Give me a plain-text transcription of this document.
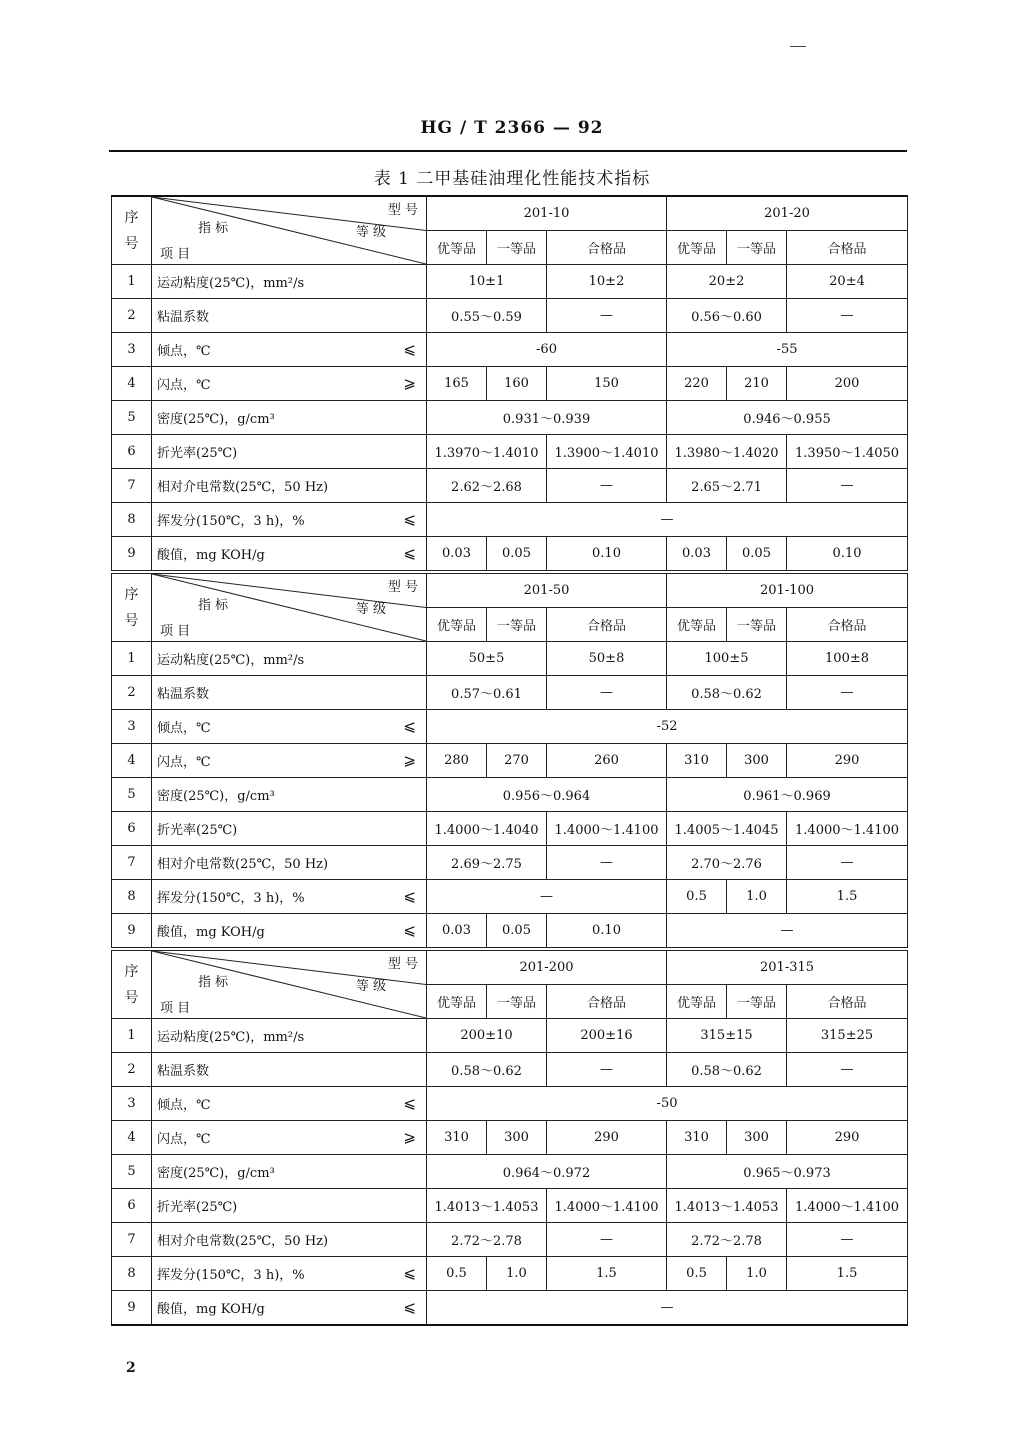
HG / T 2366 — 92
表 1 二甲基硅油理化性能技术指标
序
号	型 号
指 标 等 级
项 目	201-10			201-20		
		优等品	一等品	合格品	优等品	一等品	合格品
1	运动粘度(25℃)，mm²/s	10±1		10±2	20±2		20±4
2	粘温系数	0.55～0.59		—	0.56～0.60		—
3	倾点，℃ ⩽	-60			-55		
4	闪点，℃ ⩾	165	160	150	220	210	200
5	密度(25℃)，g/cm³	0.931～0.939			0.946～0.955		
6	折光率(25℃)	1.3970～1.4010		1.3900～1.4010	1.3980～1.4020		1.3950～1.4050
7	相对介电常数(25℃，50 Hz)	2.62～2.68		—	2.65～2.71		—
8	挥发分(150℃，3 h)，% ⩽	—					
9	酸值，mg KOH/g ⩽	0.03	0.05	0.10	0.03	0.05	0.10
序
号	型 号
指 标 等 级
项 目	201-50			201-100		
		优等品	一等品	合格品	优等品	一等品	合格品
1	运动粘度(25℃)，mm²/s	50±5		50±8	100±5		100±8
2	粘温系数	0.57～0.61		—	0.58～0.62		—
3	倾点，℃ ⩽	-52					
4	闪点，℃ ⩾	280	270	260	310	300	290
5	密度(25℃)，g/cm³	0.956～0.964			0.961～0.969		
6	折光率(25℃)	1.4000～1.4040		1.4000～1.4100	1.4005～1.4045		1.4000～1.4100
7	相对介电常数(25℃，50 Hz)	2.69～2.75		—	2.70～2.76		—
8	挥发分(150℃，3 h)，% ⩽	—			0.5	1.0	1.5
9	酸值，mg KOH/g ⩽	0.03	0.05	0.10	—		
序
号	型 号
指 标 等 级
项 目	201-200			201-315		
		优等品	一等品	合格品	优等品	一等品	合格品
1	运动粘度(25℃)，mm²/s	200±10		200±16	315±15		315±25
2	粘温系数	0.58～0.62		—	0.58～0.62		—
3	倾点，℃ ⩽	-50					
4	闪点，℃ ⩾	310	300	290	310	300	290
5	密度(25℃)，g/cm³	0.964～0.972			0.965～0.973		
6	折光率(25℃)	1.4013～1.4053		1.4000～1.4100	1.4013～1.4053		1.4000～1.4100
7	相对介电常数(25℃，50 Hz)	2.72～2.78		—	2.72～2.78		—
8	挥发分(150℃，3 h)，% ⩽	0.5	1.0	1.5	0.5	1.0	1.5
9	酸值，mg KOH/g ⩽	—					
2
